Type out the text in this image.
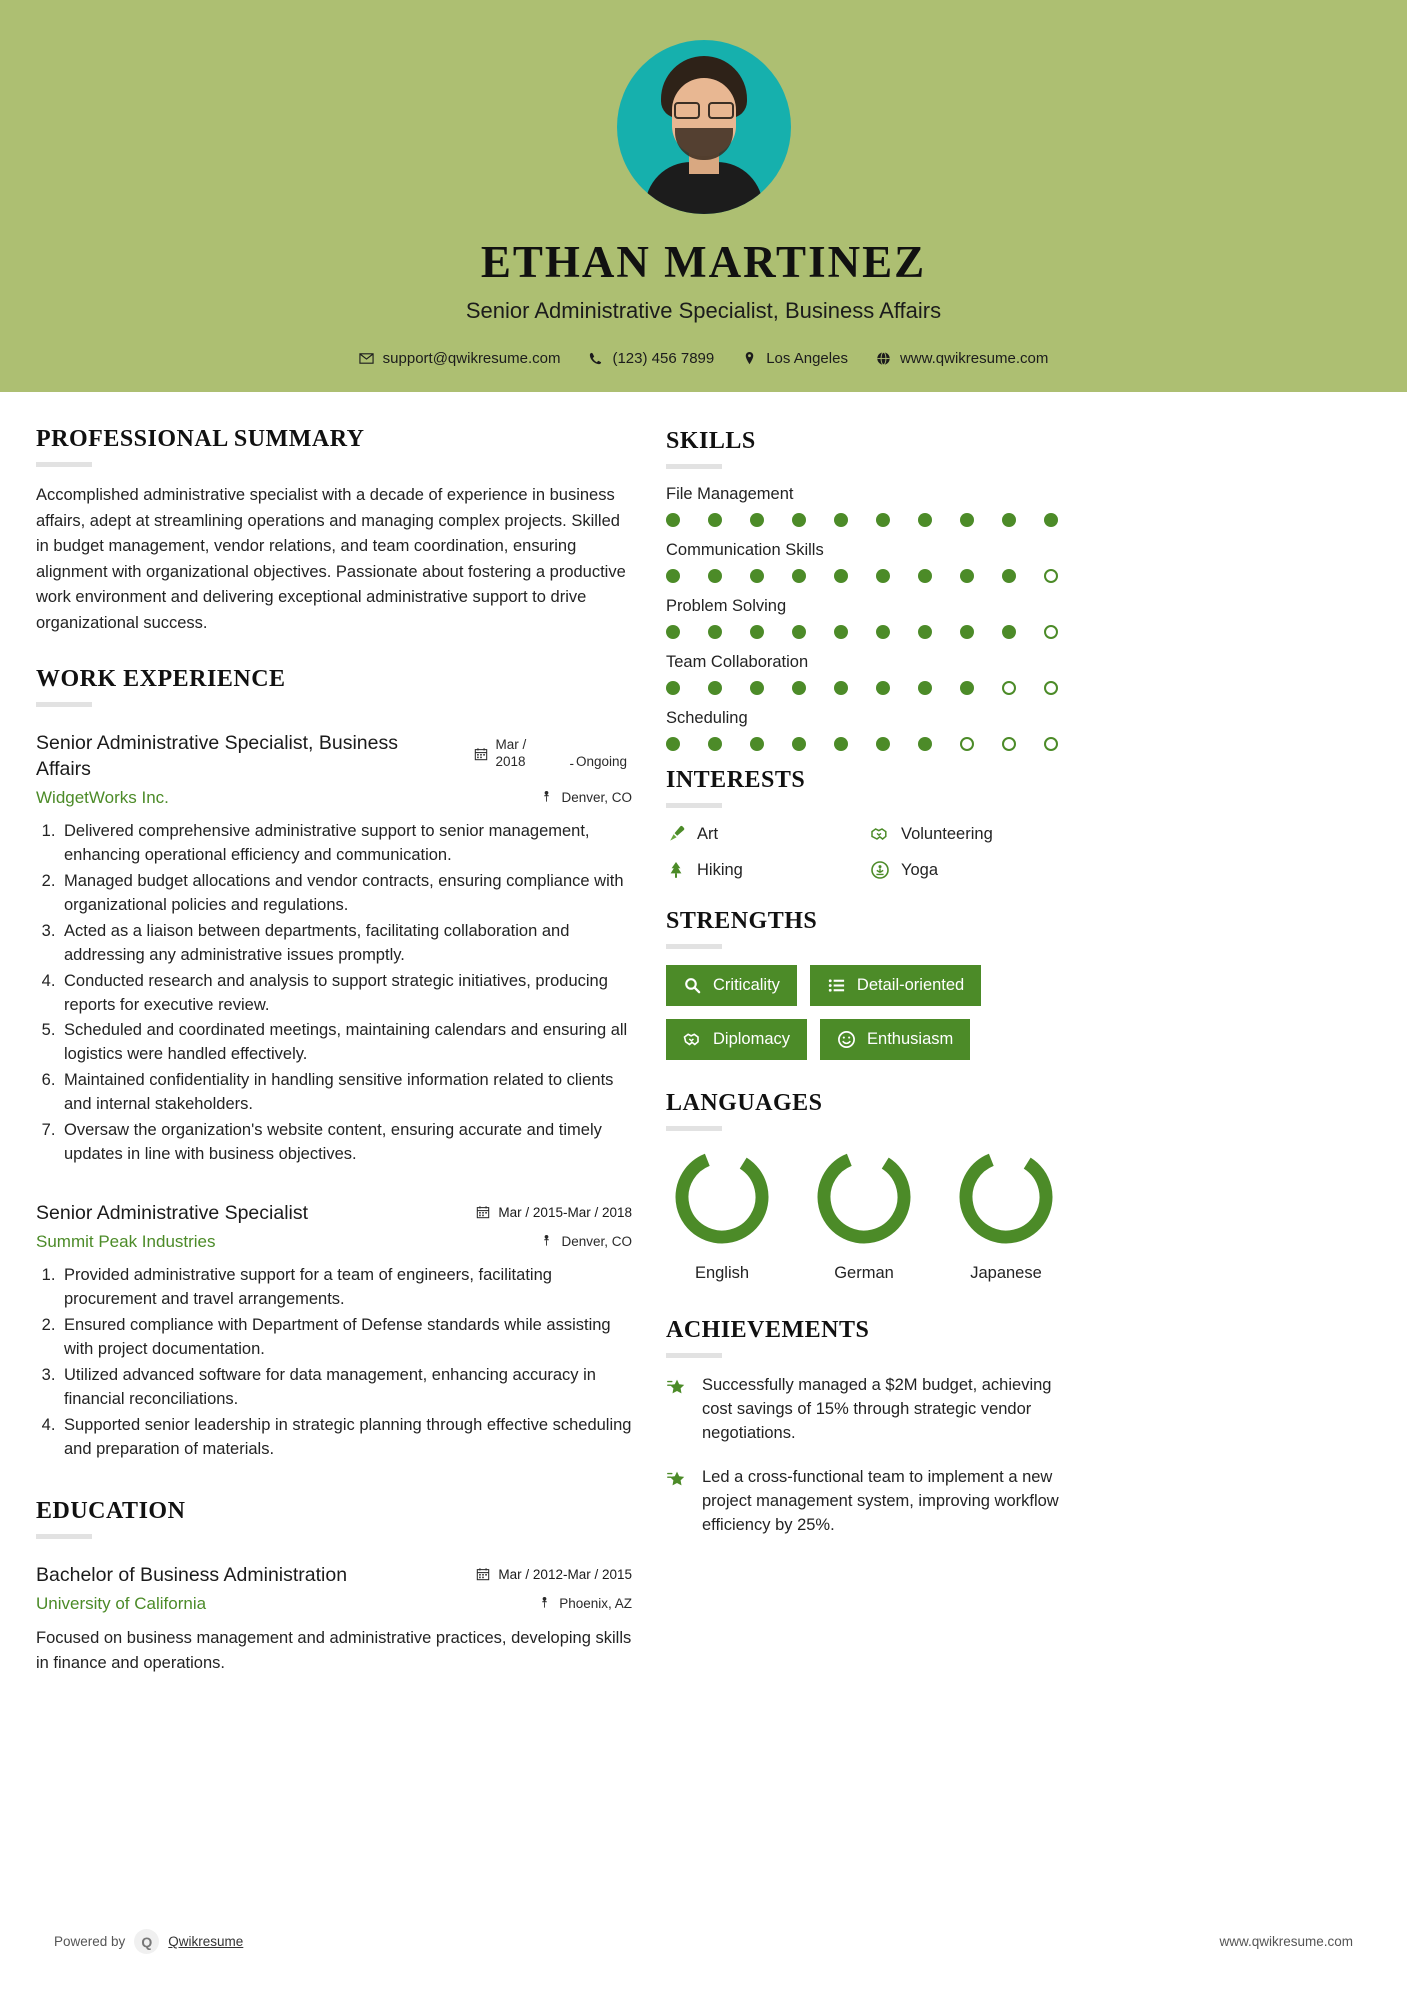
ETHAN MARTINEZ
Senior Administrative Specialist, Business Affairs
support@qwikresume.com	(123) 456 7899	Los Angeles	www.qwikresume.com
PROFESSIONAL SUMMARY

Accomplished administrative specialist with a decade of experience in business affairs, adept at streamlining operations and managing complex projects. Skilled in budget management, vendor relations, and team coordination, ensuring alignment with organizational objectives. Passionate about fostering a productive work environment and delivering exceptional administrative support to drive organizational success.

WORK EXPERIENCE
Senior Administrative Specialist, Business Affairs
Mar / 2018	- Ongoing
WidgetWorks Inc.	Denver, CO
1. Delivered comprehensive administrative support to senior management, enhancing operational efficiency and communication.
2. Managed budget allocations and vendor contracts, ensuring compliance with organizational policies and regulations.
3. Acted as a liaison between departments, facilitating collaboration and addressing any administrative issues promptly.
4. Conducted research and analysis to support strategic initiatives, producing reports for executive review.
5. Scheduled and coordinated meetings, maintaining calendars and ensuring all logistics were handled effectively.
6. Maintained confidentiality in handling sensitive information related to clients and internal stakeholders.
7. Oversaw the organization's website content, ensuring accurate and timely updates in line with business objectives.
Senior Administrative Specialist	Mar / 2015-Mar / 2018
Summit Peak Industries	Denver, CO
1. Provided administrative support for a team of engineers, facilitating procurement and travel arrangements.
2. Ensured compliance with Department of Defense standards while assisting with project documentation.
3. Utilized advanced software for data management, enhancing accuracy in financial reconciliations.
4. Supported senior leadership in strategic planning through effective scheduling and preparation of materials.
EDUCATION
Bachelor of Business Administration	Mar / 2012-Mar / 2015
University of California	Phoenix, AZ

Focused on business management and administrative practices, developing skills in finance and operations.

SKILLS
File Management
Communication Skills
Problem Solving
Team Collaboration
Scheduling
INTERESTS
Art	Volunteering
Hiking	Yoga
STRENGTHS
Criticality	Detail-oriented
Diplomacy	Enthusiasm
LANGUAGES
English	German	Japanese
ACHIEVEMENTS
Successfully managed a $2M budget, achieving cost savings of 15% through strategic vendor negotiations.
Led a cross-functional team to implement a new project management system, improving workflow efficiency by 25%.
Powered by	Q	Qwikresume	www.qwikresume.com
